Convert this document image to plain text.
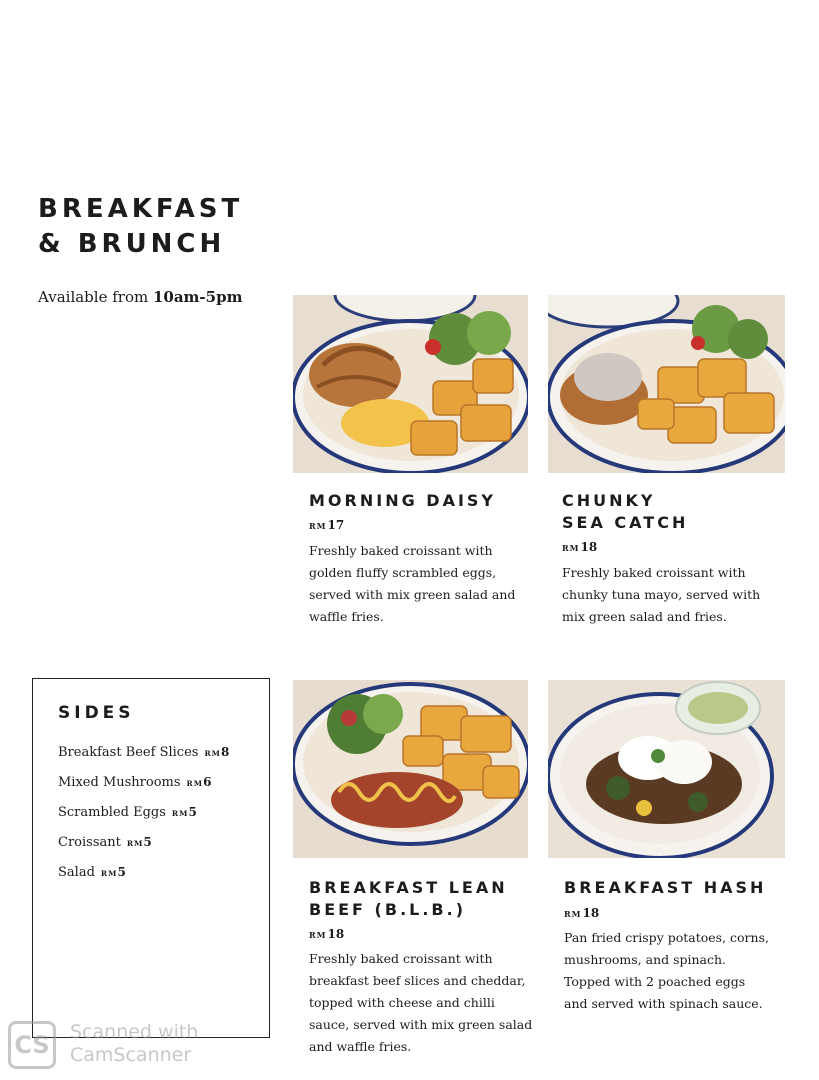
BREAKFAST
& BRUNCH
Available from 10am-5pm
MORNING DAISY
RM17
Freshly baked croissant with
golden fluffy scrambled eggs,
served with mix green salad and
waffle fries.
CHUNKY
SEA CATCH
RM18
Freshly baked croissant with
chunky tuna mayo, served with
mix green salad and fries.
BREAKFAST LEAN
BEEF (B.L.B.)
RM18
Freshly baked croissant with
breakfast beef slices and cheddar,
topped with cheese and chilli
sauce, served with mix green salad
and waffle fries.
BREAKFAST HASH
RM18
Pan fried crispy potatoes, corns,
mushrooms, and spinach.
Topped with 2 poached eggs
and served with spinach sauce.
SIDES
Breakfast Beef Slices RM8
Mixed Mushrooms RM6
Scrambled Eggs RM5
Croissant RM5
Salad RM5
CS	Scanned with
CamScanner
